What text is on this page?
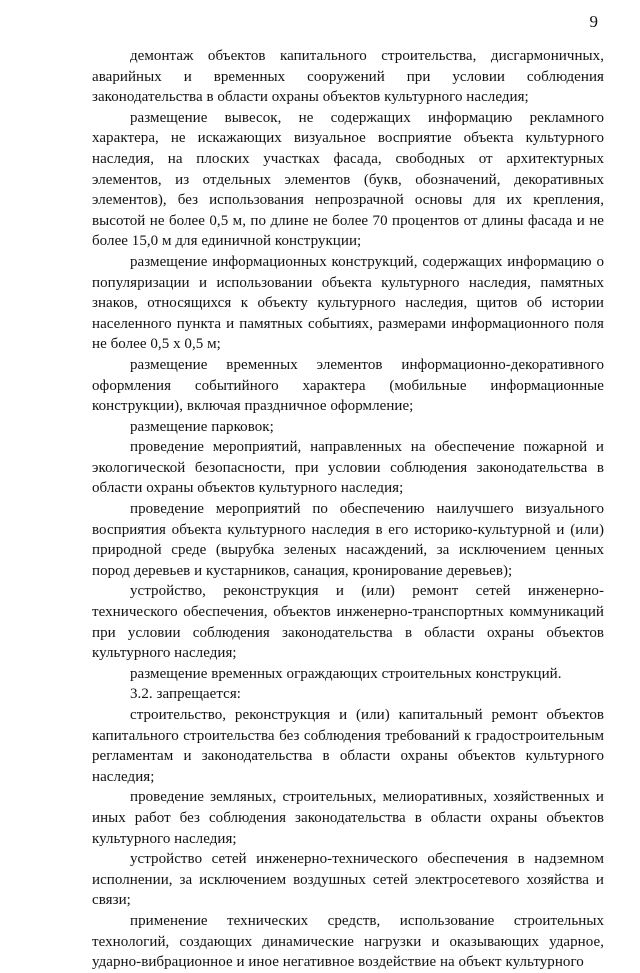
9

демонтаж объектов капитального строительства, дисгармоничных, аварийных и временных сооружений при условии соблюдения законодательства в области охраны объектов культурного наследия;

размещение вывесок, не содержащих информацию рекламного характера, не искажающих визуальное восприятие объекта культурного наследия, на плоских участках фасада, свободных от архитектурных элементов, из отдельных элементов (букв, обозначений, декоративных элементов), без использования непрозрачной основы для их крепления, высотой не более 0,5 м, по длине не более 70 процентов от длины фасада и не более 15,0 м для единичной конструкции;

размещение информационных конструкций, содержащих информацию о популяризации и использовании объекта культурного наследия, памятных знаков, относящихся к объекту культурного наследия, щитов об истории населенного пункта и памятных событиях, размерами информационного поля не более 0,5 х 0,5 м;

размещение временных элементов информационно-декоративного оформления событийного характера (мобильные информационные конструкции), включая праздничное оформление;

размещение парковок;

проведение мероприятий, направленных на обеспечение пожарной и экологической безопасности, при условии соблюдения законодательства в области охраны объектов культурного наследия;

проведение мероприятий по обеспечению наилучшего визуального восприятия объекта культурного наследия в его историко-культурной и (или) природной среде (вырубка зеленых насаждений, за исключением ценных пород деревьев и кустарников, санация, кронирование деревьев);

устройство, реконструкция и (или) ремонт сетей инженерно-технического обеспечения, объектов инженерно-транспортных коммуникаций при условии соблюдения законодательства в области охраны объектов культурного наследия;

размещение временных ограждающих строительных конструкций.

3.2. запрещается:

строительство, реконструкция и (или) капитальный ремонт объектов капитального строительства без соблюдения требований к градостроительным регламентам и законодательства в области охраны объектов культурного наследия;

проведение земляных, строительных, мелиоративных, хозяйственных и иных работ без соблюдения законодательства в области охраны объектов культурного наследия;

устройство сетей инженерно-технического обеспечения в надземном исполнении, за исключением воздушных сетей электросетевого хозяйства и связи;

применение технических средств, использование строительных технологий, создающих динамические нагрузки и оказывающих ударное, ударно-вибрационное и иное негативное воздействие на объект культурного
